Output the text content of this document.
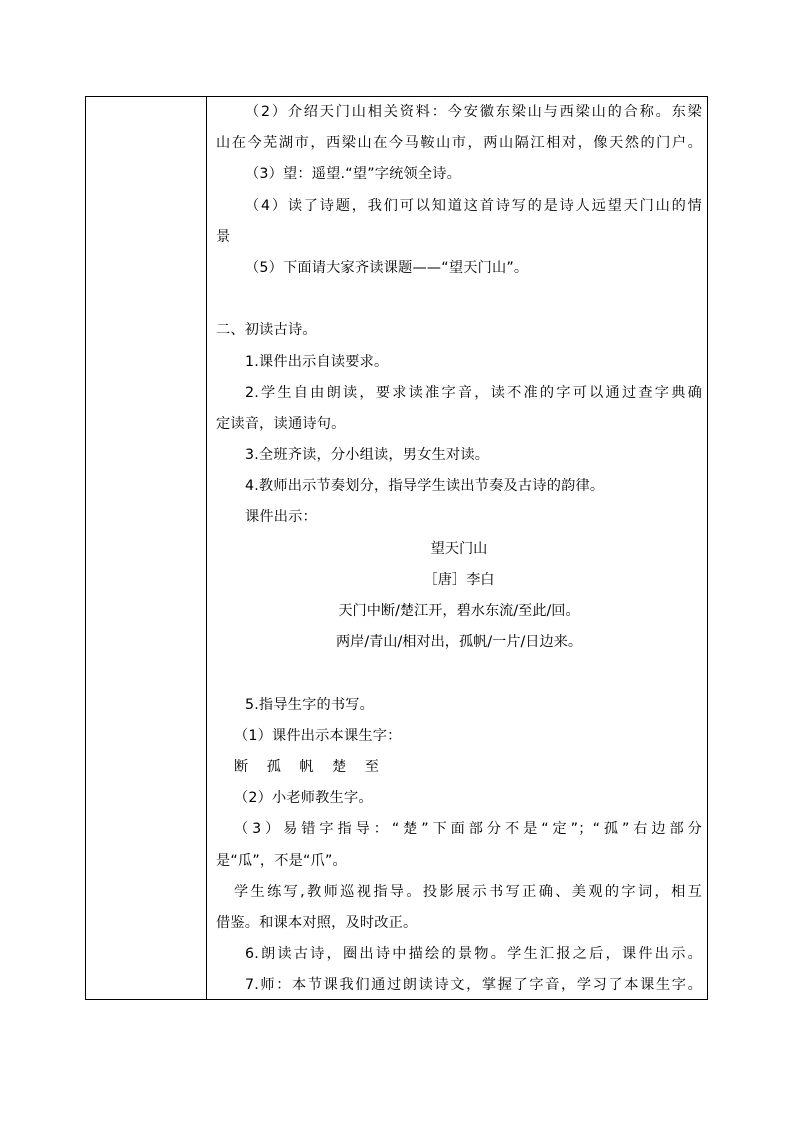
（2）介绍天门山相关资料：今安徽东梁山与西梁山的合称。东梁
山在今芜湖市，西梁山在今马鞍山市，两山隔江相对，像天然的门户。
（3）望：遥望.“望”字统领全诗。
（4）读了诗题，我们可以知道这首诗写的是诗人远望天门山的情
景
（5）下面请大家齐读课题——“望天门山”。
二、初读古诗。
1.课件出示自读要求。
2.学生自由朗读，要求读准字音，读不准的字可以通过查字典确
定读音，读通诗句。
3.全班齐读，分小组读，男女生对读。
4.教师出示节奏划分，指导学生读出节奏及古诗的韵律。
课件出示：
望天门山
［唐］李白
天门中断/楚江开，碧水东流/至此/回。
两岸/青山/相对出，孤帆/一片/日边来。
5.指导生字的书写。
（1）课件出示本课生字：
断 孤 帆 楚 至
（2）小老师教生字。
（3）易错字指导：“楚”下面部分不是“定”；“孤”右边部分
是“瓜”，不是“爪”。
学生练写,教师巡视指导。投影展示书写正确、美观的字词，相互
借鉴。和课本对照，及时改正。
6.朗读古诗，圈出诗中描绘的景物。学生汇报之后，课件出示。
7.师：本节课我们通过朗读诗文，掌握了字音，学习了本课生字。
